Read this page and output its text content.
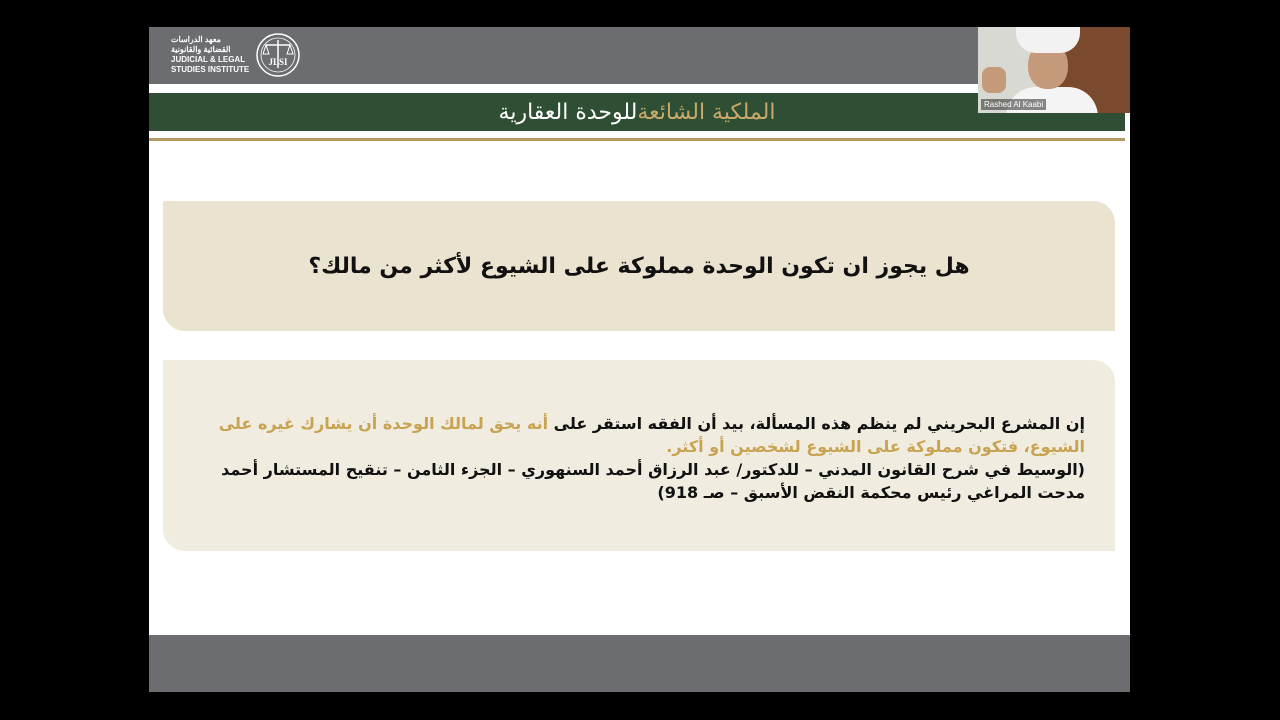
معهد الدراسات
القضائية والقانونية
JUDICIAL & LEGAL
STUDIES INSTITUTE
JLSI
الملكية الشائعة
للوحدة العقارية
هل يجوز ان تكون الوحدة مملوكة على الشيوع لأكثر من مالك؟
إن المشرع البحريني لم ينظم هذه المسألة، بيد أن الفقه استقر على أنه يحق لمالك الوحدة أن يشارك غيره على الشيوع، فتكون مملوكة على الشيوع لشخصين أو أكثر.
(الوسيط في شرح القانون المدني – للدكتور/ عبد الرزاق أحمد السنهوري – الجزء الثامن – تنقيح المستشار أحمد مدحت المراغي رئيس محكمة النقض الأسبق – صـ 918)
Rashed Al Kaabi
